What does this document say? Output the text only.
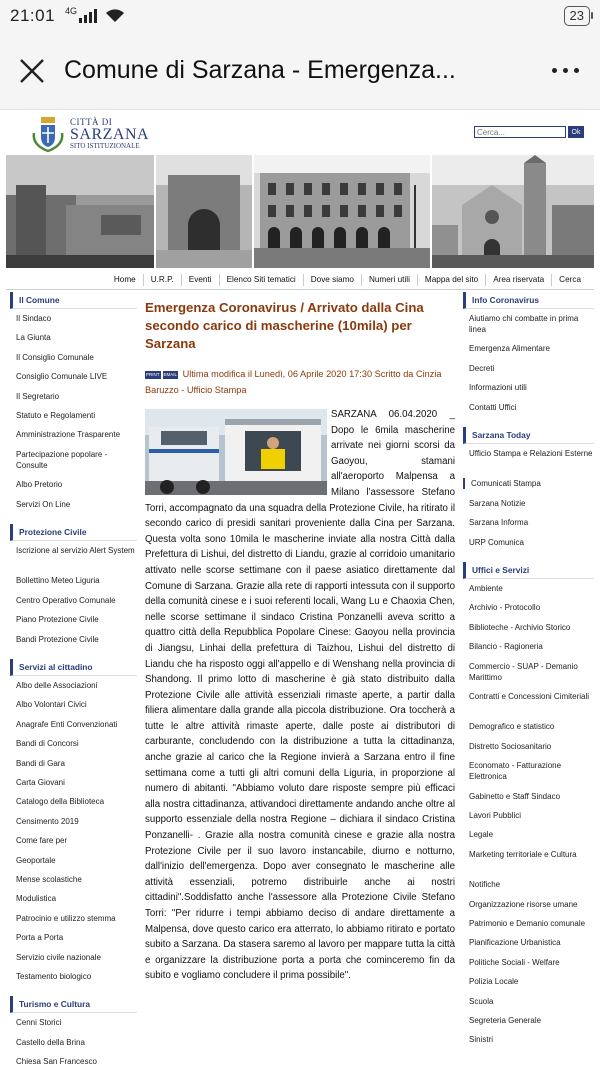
21:01 4G	23
Comune di Sarzana - Emergenza...
CITTÀ DI
SARZANA
SITO ISTITUZIONALE
Cerca...
Ok
Home	U.R.P.	Eventi	Elenco Siti tematici	Dove siamo	Numeri utili	Mappa del sito	Area riservata	Cerca
Il Comune
Il Sindaco
La Giunta
Il Consiglio Comunale
Consiglio Comunale LIVE
Il Segretario
Statuto e Regolamenti
Amministrazione Trasparente
Partecipazione popolare - Consulte
Albo Pretorio
Servizi On Line
Protezione Civile
Iscrizione al servizio Alert System
Bollettino Meteo Liguria
Centro Operativo Comunale
Piano Protezione Civile
Bandi Protezione Civile
Servizi al cittadino
Albo delle Associazioni
Albo Volontari Civici
Anagrafe Enti Convenzionati
Bandi di Concorsi
Bandi di Gara
Carta Giovani
Catalogo della Biblioteca
Censimento 2019
Come fare per
Geoportale
Mense scolastiche
Modulistica
Patrocinio e utilizzo stemma
Porta a Porta
Servizio civile nazionale
Testamento biologico
Turismo e Cultura
Cenni Storici
Castello della Brina
Chiesa San Francesco
Info Coronavirus
Aiutiamo chi combatte in prima linea
Emergenza Alimentare
Decreti
Informazioni utili
Contatti Uffici
Sarzana Today
Ufficio Stampa e Relazioni Esterne
Comunicati Stampa
Sarzana Notizie
Sarzana Informa
URP Comunica
Uffici e Servizi
Ambiente
Archivio - Protocollo
Biblioteche - Archivio Storico
Bilancio - Ragioneria
Commercio - SUAP - Demanio Marittimo
Contratti e Concessioni Cimiteriali
Demografico e statistico
Distretto Sociosanitario
Economato - Fatturazione Elettronica
Gabinetto e Staff Sindaco
Lavori Pubblici
Legale
Marketing territoriale e Cultura
Notifiche
Organizzazione risorse umane
Patrimonio e Demanio comunale
Pianificazione Urbanistica
Politiche Sociali - Welfare
Polizia Locale
Scuola
Segreteria Generale
Sinistri
Emergenza Coronavirus / Arrivato dalla Cina secondo carico di mascherine (10mila) per Sarzana
PRINT EMAIL Ultima modifica il Lunedì, 06 Aprile 2020 17:30 Scritto da Cinzia Baruzzo - Ufficio Stampa
SARZANA 06.04.2020 _ Dopo le 6mila mascherine arrivate nei giorni scorsi da Gaoyou, stamani all'aeroporto Malpensa a Milano l'assessore Stefano Torri, accompagnato da una squadra della Protezione Civile, ha ritirato il secondo carico di presidi sanitari proveniente dalla Cina per Sarzana. Questa volta sono 10mila le mascherine inviate alla nostra Città dalla Prefettura di Lishui, del distretto di Liandu, grazie al corridoio umanitario attivato nelle scorse settimane con il paese asiatico direttamente dal Comune di Sarzana. Grazie alla rete di rapporti intessuta con il supporto della comunità cinese e i suoi referenti locali, Wang Lu e Chaoxia Chen, nelle scorse settimane il sindaco Cristina Ponzanelli aveva scritto a quattro città della Repubblica Popolare Cinese: Gaoyou nella provincia di Jiangsu, Linhai della prefettura di Taizhou, Lishui del distretto di Liandu che ha risposto oggi all'appello e di Wenshang nella provincia di Shandong. Il primo lotto di mascherine è già stato distribuito dalla Protezione Civile alle attività essenziali rimaste aperte, a partir dalla filiera alimentare dalla grande alla piccola distribuzione. Ora toccherà a tutte le altre attività rimaste aperte, dalle poste ai distributori di carburante, concludendo con la distribuzione a tutta la cittadinanza, anche grazie al carico che la Regione invierà a Sarzana entro il fine settimana come a tutti gli altri comuni della Liguria, in proporzione al numero di abitanti. "Abbiamo voluto dare risposte sempre più efficaci alla nostra cittadinanza, attivandoci direttamente andando anche oltre al supporto essenziale della nostra Regione – dichiara il sindaco Cristina Ponzanelli- . Grazie alla nostra comunità cinese e grazie alla nostra Protezione Civile per il suo lavoro instancabile, diurno e notturno, dall'inizio dell'emergenza. Dopo aver consegnato le mascherine alle attività essenziali, potremo distribuirle anche ai nostri cittadini".Soddisfatto anche l'assessore alla Protezione Civile Stefano Torri: "Per ridurre i tempi abbiamo deciso di andare direttamente a Malpensa, dove questo carico era atterrato, lo abbiamo ritirato e portato subito a Sarzana. Da stasera saremo al lavoro per mappare tutta la città e organizzare la distribuzione porta a porta che cominceremo fin da subito e vogliamo concludere il prima possibile".
